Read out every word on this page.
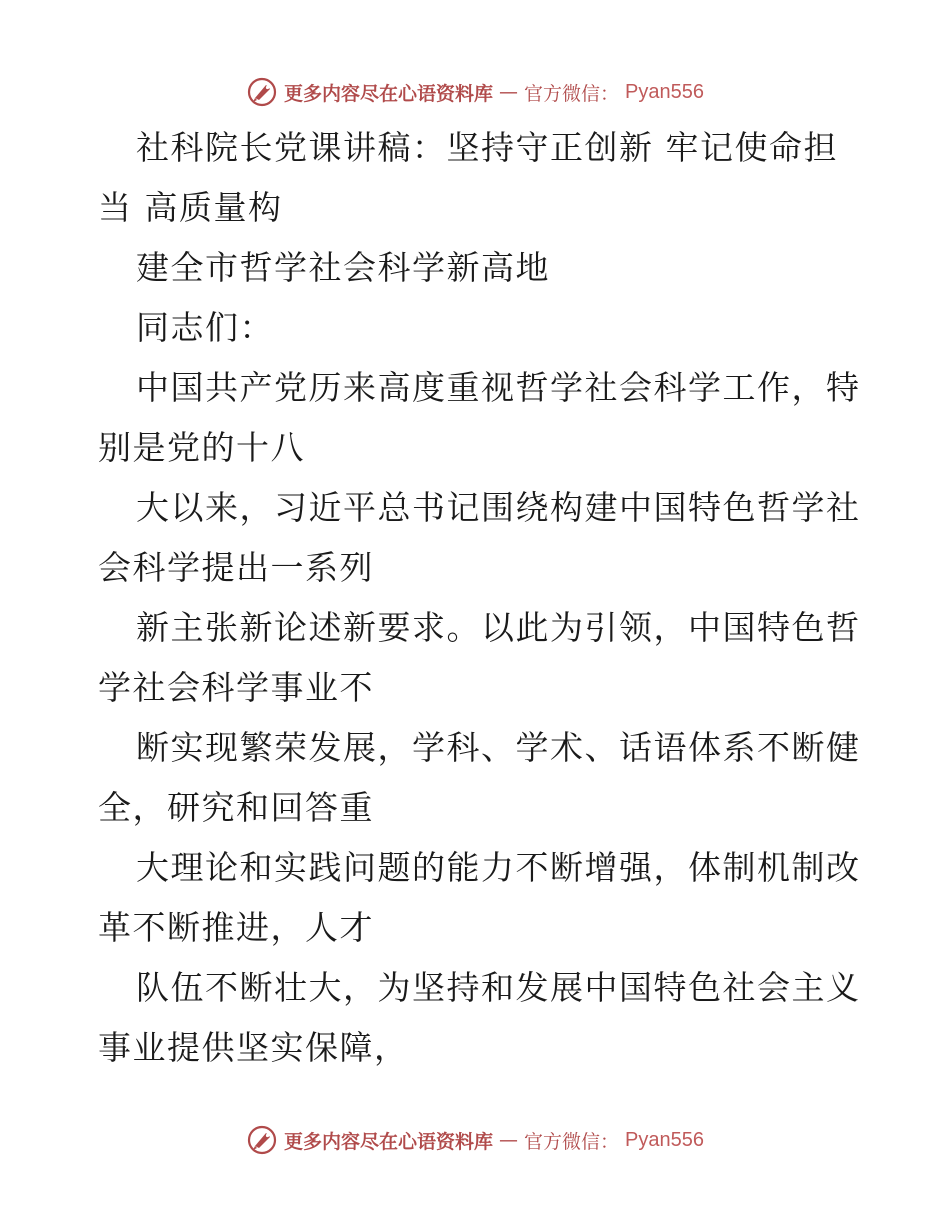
更多内容尽在心语资料库 — 官方微信： Pyan556
社科院长党课讲稿：坚持守正创新 牢记使命担
当 高质量构
建全市哲学社会科学新高地
同志们：
中国共产党历来高度重视哲学社会科学工作，特
别是党的十八
大以来，习近平总书记围绕构建中国特色哲学社
会科学提出一系列
新主张新论述新要求。以此为引领，中国特色哲
学社会科学事业不
断实现繁荣发展，学科、学术、话语体系不断健
全，研究和回答重
大理论和实践问题的能力不断增强，体制机制改
革不断推进，人才
队伍不断壮大，为坚持和发展中国特色社会主义
事业提供坚实保障，
更多内容尽在心语资料库 — 官方微信： Pyan556
